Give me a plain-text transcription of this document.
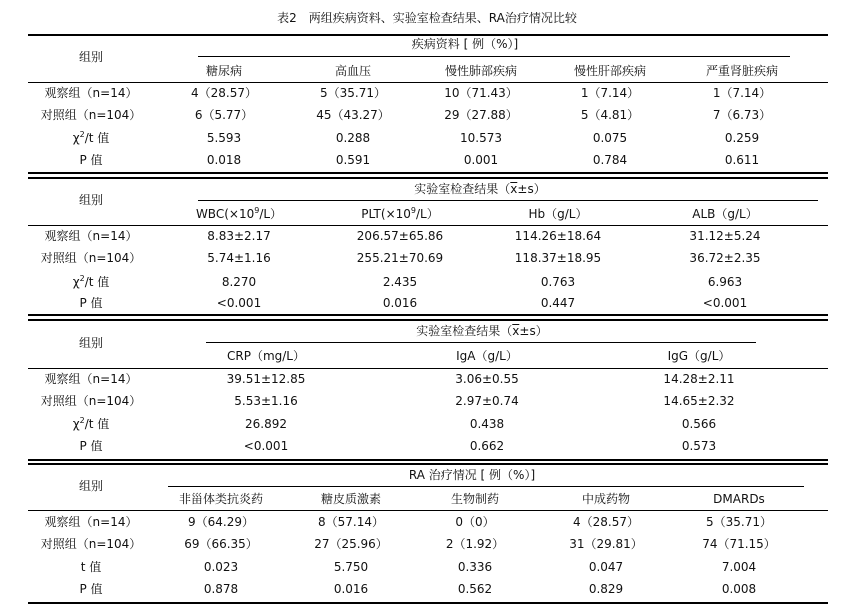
表2　两组疾病资料、实验室检查结果、RA治疗情况比较
组别
疾病资料 [ 例（%）]
糖尿病	高血压	慢性肺部疾病	慢性肝部疾病	严重肾脏疾病
观察组（n=14）	4（28.57）	5（35.71）	10（71.43）	1（7.14）	1（7.14）
对照组（n=104）	6（5.77）	45（43.27）	29（27.88）	5（4.81）	7（6.73）
$\chi^2/t$ 值	5.593	0.288	10.573	0.075	0.259
P 值	0.018	0.591	0.001	0.784	0.611
组别
实验室检查结果（x±s）
$WBC(\times 10^9/L)$	$PLT(\times 10^9/L)$	Hb（g/L）	ALB（g/L）
观察组（n=14）	8.83±2.17	206.57±65.86	114.26±18.64	31.12±5.24
对照组（n=104）	5.74±1.16	255.21±70.69	118.37±18.95	36.72±2.35
$\chi^2/t$ 值	8.270	2.435	0.763	6.963
P 值	<0.001	0.016	0.447	<0.001
组别
实验室检查结果（x±s）
CRP（mg/L）	IgA（g/L）	IgG（g/L）
观察组（n=14）	39.51±12.85	3.06±0.55	14.28±2.11
对照组（n=104）	5.53±1.16	2.97±0.74	14.65±2.32
$\chi^2/t$ 值	26.892	0.438	0.566
P 值	<0.001	0.662	0.573
组别
RA 治疗情况 [ 例（%）]
非甾体类抗炎药	糖皮质激素	生物制药	中成药物	DMARDs
观察组（n=14）	9（64.29）	8（57.14）	0（0）	4（28.57）	5（35.71）
对照组（n=104）	69（66.35）	27（25.96）	2（1.92）	31（29.81）	74（71.15）
t 值	0.023	5.750	0.336	0.047	7.004
P 值	0.878	0.016	0.562	0.829	0.008
